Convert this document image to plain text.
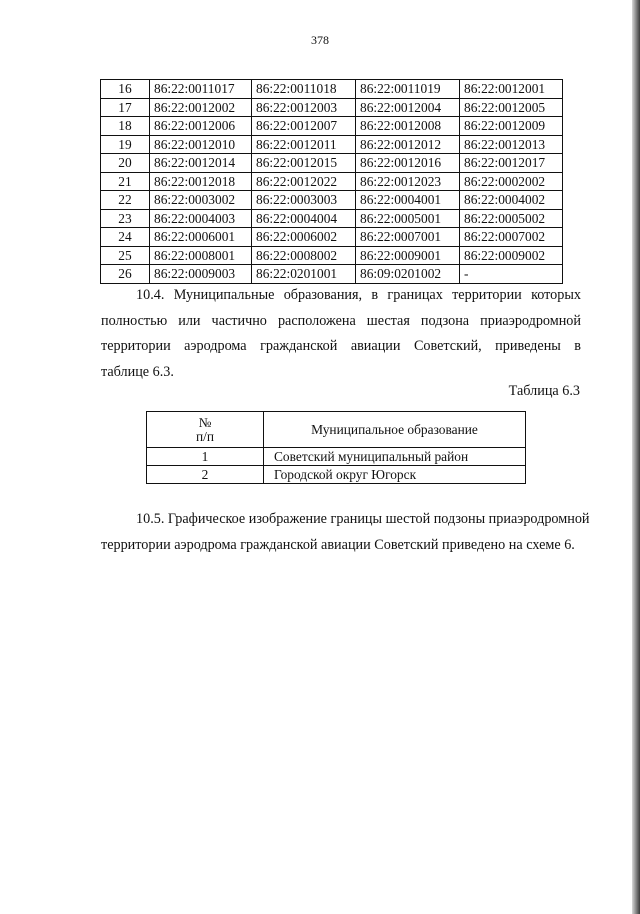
378
16	86:22:0011017	86:22:0011018	86:22:0011019	86:22:0012001
17	86:22:0012002	86:22:0012003	86:22:0012004	86:22:0012005
18	86:22:0012006	86:22:0012007	86:22:0012008	86:22:0012009
19	86:22:0012010	86:22:0012011	86:22:0012012	86:22:0012013
20	86:22:0012014	86:22:0012015	86:22:0012016	86:22:0012017
21	86:22:0012018	86:22:0012022	86:22:0012023	86:22:0002002
22	86:22:0003002	86:22:0003003	86:22:0004001	86:22:0004002
23	86:22:0004003	86:22:0004004	86:22:0005001	86:22:0005002
24	86:22:0006001	86:22:0006002	86:22:0007001	86:22:0007002
25	86:22:0008001	86:22:0008002	86:22:0009001	86:22:0009002
26	86:22:0009003	86:22:0201001	86:09:0201002	-
10.4. Муниципальные образования, в границах территории которых
полностью или частично расположена шестая подзона приаэродромной
территории аэродрома гражданской авиации Советский, приведены в
таблице 6.3.
Таблица 6.3
№
п/п	Муниципальное образование
1	Советский муниципальный район
2	Городской округ Югорск
10.5. Графическое изображение границы шестой подзоны приаэродромной
территории аэродрома гражданской авиации Советский приведено на схеме 6.
